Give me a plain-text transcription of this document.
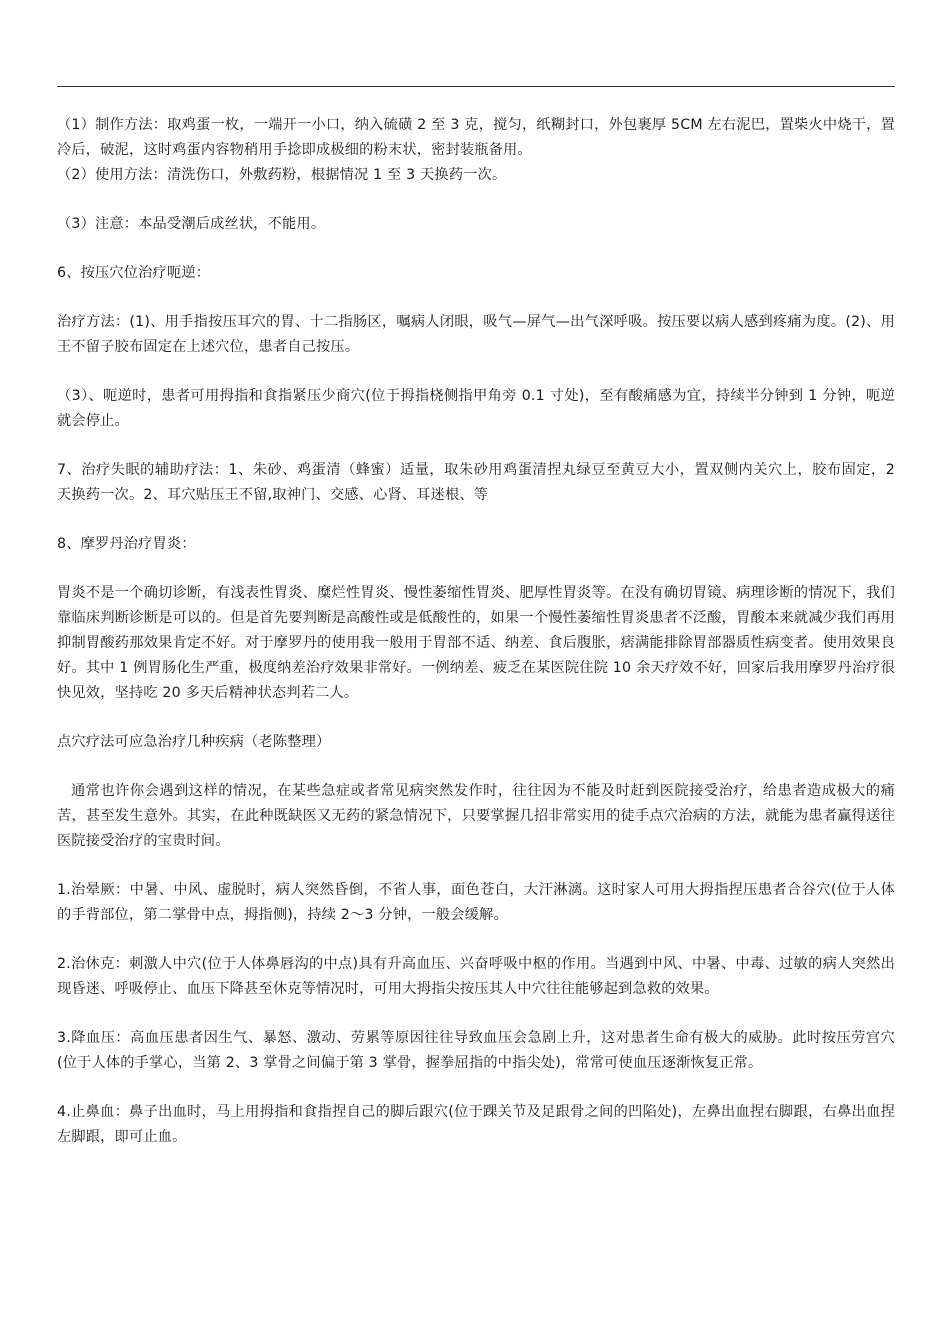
（1）制作方法：取鸡蛋一枚，一端开一小口，纳入硫磺 2 至 3 克，搅匀，纸糊封口，外包裹厚 5CM 左右泥巴，置柴火中烧干，置冷后，破泥，这时鸡蛋内容物稍用手捻即成极细的粉末状，密封装瓶备用。

（2）使用方法：清洗伤口，外敷药粉，根据情况 1 至 3 天换药一次。

（3）注意：本品受潮后成丝状，不能用。

6、按压穴位治疗呃逆：

治疗方法：(1)、用手指按压耳穴的胃、十二指肠区，嘱病人闭眼，吸气—屏气—出气深呼吸。按压要以病人感到疼痛为度。(2)、用王不留子胶布固定在上述穴位，患者自己按压。

（3）、呃逆时，患者可用拇指和食指紧压少商穴(位于拇指桡侧指甲角旁 0.1 寸处)，至有酸痛感为宜，持续半分钟到 1 分钟，呃逆就会停止。

7、治疗失眠的辅助疗法：1、朱砂、鸡蛋清（蜂蜜）适量，取朱砂用鸡蛋清捏丸绿豆至黄豆大小，置双侧内关穴上，胶布固定，2 天换药一次。2、耳穴贴压王不留,取神门、交感、心肾、耳迷根、等

8、摩罗丹治疗胃炎：

胃炎不是一个确切诊断，有浅表性胃炎、糜烂性胃炎、慢性萎缩性胃炎、肥厚性胃炎等。在没有确切胃镜、病理诊断的情况下，我们靠临床判断诊断是可以的。但是首先要判断是高酸性或是低酸性的，如果一个慢性萎缩性胃炎患者不泛酸，胃酸本来就减少我们再用抑制胃酸药那效果肯定不好。对于摩罗丹的使用我一般用于胃部不适、纳差、食后腹胀，痞满能排除胃部器质性病变者。使用效果良好。其中 1 例胃肠化生严重，极度纳差治疗效果非常好。一例纳差、疲乏在某医院住院 10 余天疗效不好，回家后我用摩罗丹治疗很快见效，坚持吃 20 多天后精神状态判若二人。

点穴疗法可应急治疗几种疾病（老陈整理）

通常也许你会遇到这样的情况，在某些急症或者常见病突然发作时，往往因为不能及时赶到医院接受治疗，给患者造成极大的痛苦，甚至发生意外。其实，在此种既缺医又无药的紧急情况下，只要掌握几招非常实用的徒手点穴治病的方法，就能为患者赢得送往医院接受治疗的宝贵时间。

1.治晕厥：中暑、中风、虚脱时，病人突然昏倒，不省人事，面色苍白，大汗淋漓。这时家人可用大拇指捏压患者合谷穴(位于人体的手背部位，第二掌骨中点，拇指侧)，持续 2～3 分钟，一般会缓解。

2.治休克：刺激人中穴(位于人体鼻唇沟的中点)具有升高血压、兴奋呼吸中枢的作用。当遇到中风、中暑、中毒、过敏的病人突然出现昏迷、呼吸停止、血压下降甚至休克等情况时，可用大拇指尖按压其人中穴往往能够起到急救的效果。

3.降血压：高血压患者因生气、暴怒、激动、劳累等原因往往导致血压会急剧上升，这对患者生命有极大的威胁。此时按压劳宫穴(位于人体的手掌心，当第 2、3 掌骨之间偏于第 3 掌骨，握拳屈指的中指尖处)，常常可使血压逐渐恢复正常。

4.止鼻血：鼻子出血时，马上用拇指和食指捏自己的脚后跟穴(位于踝关节及足跟骨之间的凹陷处)，左鼻出血捏右脚跟，右鼻出血捏左脚跟，即可止血。
